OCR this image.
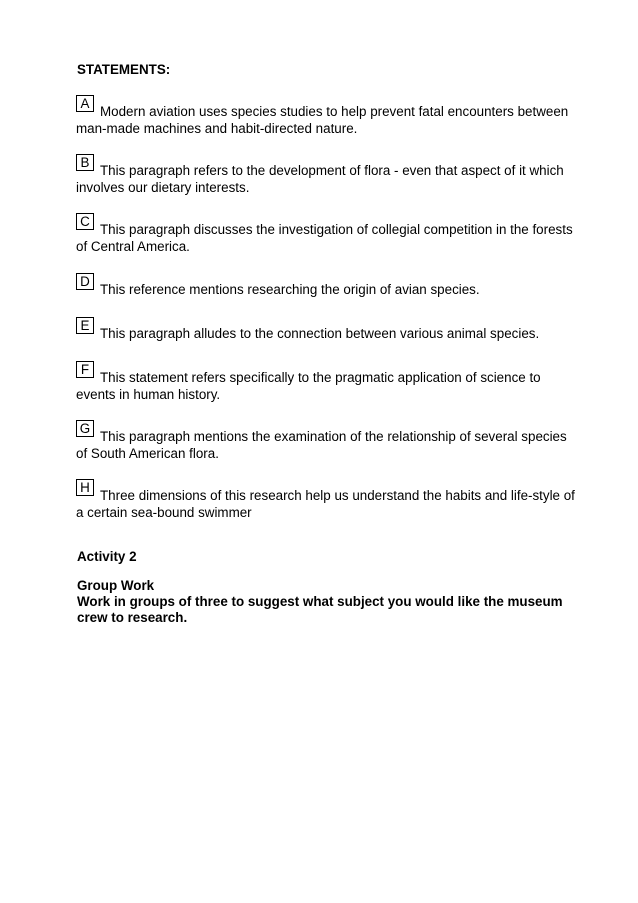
STATEMENTS:
A
Modern aviation uses species studies to help prevent fatal encounters between man-made machines and habit-directed nature.
B
This paragraph refers to the development of flora - even that aspect of it which involves our dietary interests.
C
This paragraph discusses the investigation of collegial competition in the forests of Central America.
D
This reference mentions researching the origin of avian species.
E
This paragraph alludes to the connection between various animal species.
F
This statement refers specifically to the pragmatic application of science to events in human history.
G
This paragraph mentions the examination of the relationship of several species of South American flora.
H
Three dimensions of this research help us understand the habits and life-style of a certain sea-bound swimmer
Activity 2
Group Work
Work in groups of three to suggest what subject you would like the museum crew to research.
